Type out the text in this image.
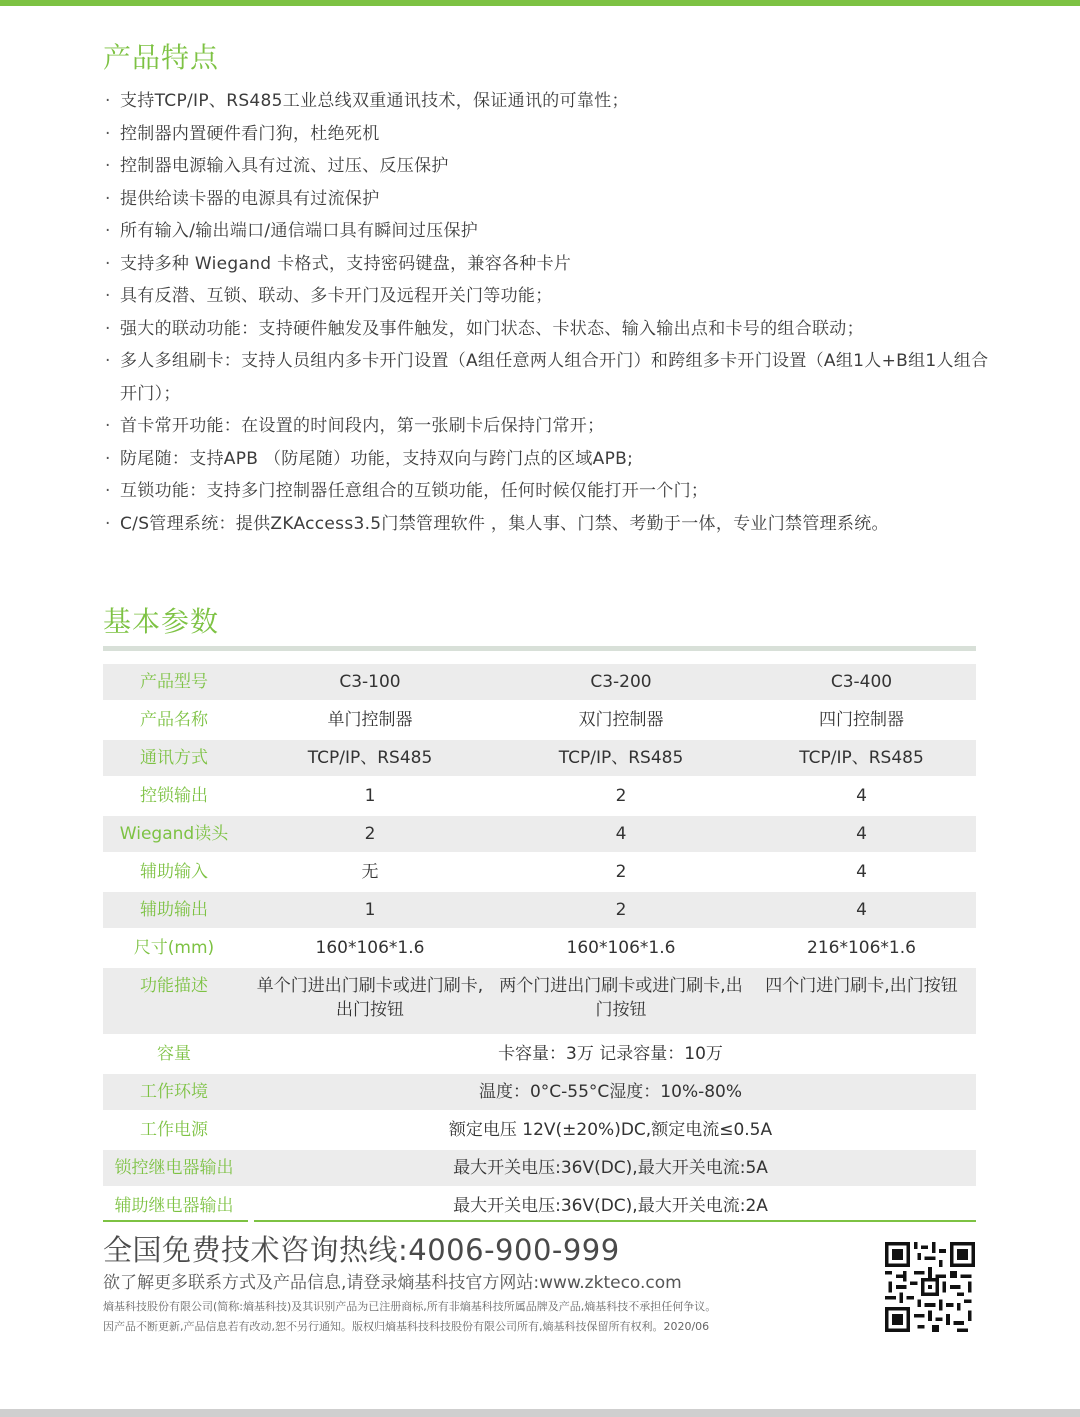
产品特点
· 支持TCP/IP、RS485工业总线双重通讯技术，保证通讯的可靠性；
· 控制器内置硬件看门狗，杜绝死机
· 控制器电源输入具有过流、过压、反压保护
· 提供给读卡器的电源具有过流保护
· 所有输入/输出端口/通信端口具有瞬间过压保护
· 支持多种 Wiegand 卡格式，支持密码键盘，兼容各种卡片
· 具有反潜、互锁、联动、多卡开门及远程开关门等功能；
· 强大的联动功能：支持硬件触发及事件触发，如门状态、卡状态、输入输出点和卡号的组合联动；
· 多人多组刷卡：支持人员组内多卡开门设置（A组任意两人组合开门）和跨组多卡开门设置（A组1人+B组1人组合开门）；
· 首卡常开功能：在设置的时间段内，第一张刷卡后保持门常开；
· 防尾随：支持APB （防尾随）功能，支持双向与跨门点的区域APB;
· 互锁功能：支持多门控制器任意组合的互锁功能，任何时候仅能打开一个门；
· C/S管理系统：提供ZKAccess3.5门禁管理软件 ，集人事、门禁、考勤于一体，专业门禁管理系统。
基本参数
产品型号	C3-100	C3-200	C3-400
产品名称	单门控制器	双门控制器	四门控制器
通讯方式	TCP/IP、RS485	TCP/IP、RS485	TCP/IP、RS485
控锁输出	1	2	4
Wiegand读头	2	4	4
辅助输入	无	2	4
辅助输出	1	2	4
尺寸(mm)	160*106*1.6	160*106*1.6	216*106*1.6
功能描述	单个门进出门刷卡或进门刷卡,出门按钮	两个门进出门刷卡或进门刷卡,出门按钮	四个门进门刷卡,出门按钮
容量	卡容量：3万 记录容量：10万		
工作环境	温度：0°C-55°C湿度：10%-80%		
工作电源	额定电压 12V(±20%)DC,额定电流≤0.5A		
锁控继电器输出	最大开关电压:36V(DC),最大开关电流:5A		
辅助继电器输出	最大开关电压:36V(DC),最大开关电流:2A		
全国免费技术咨询热线:4006-900-999
欲了解更多联系方式及产品信息,请登录熵基科技官方网站:www.zkteco.com
熵基科技股份有限公司(简称:熵基科技)及其识别产品为已注册商标,所有非熵基科技所属品牌及产品,熵基科技不承担任何争议。
因产品不断更新,产品信息若有改动,恕不另行通知。版权归熵基科技科技股份有限公司所有,熵基科技保留所有权利。2020/06
